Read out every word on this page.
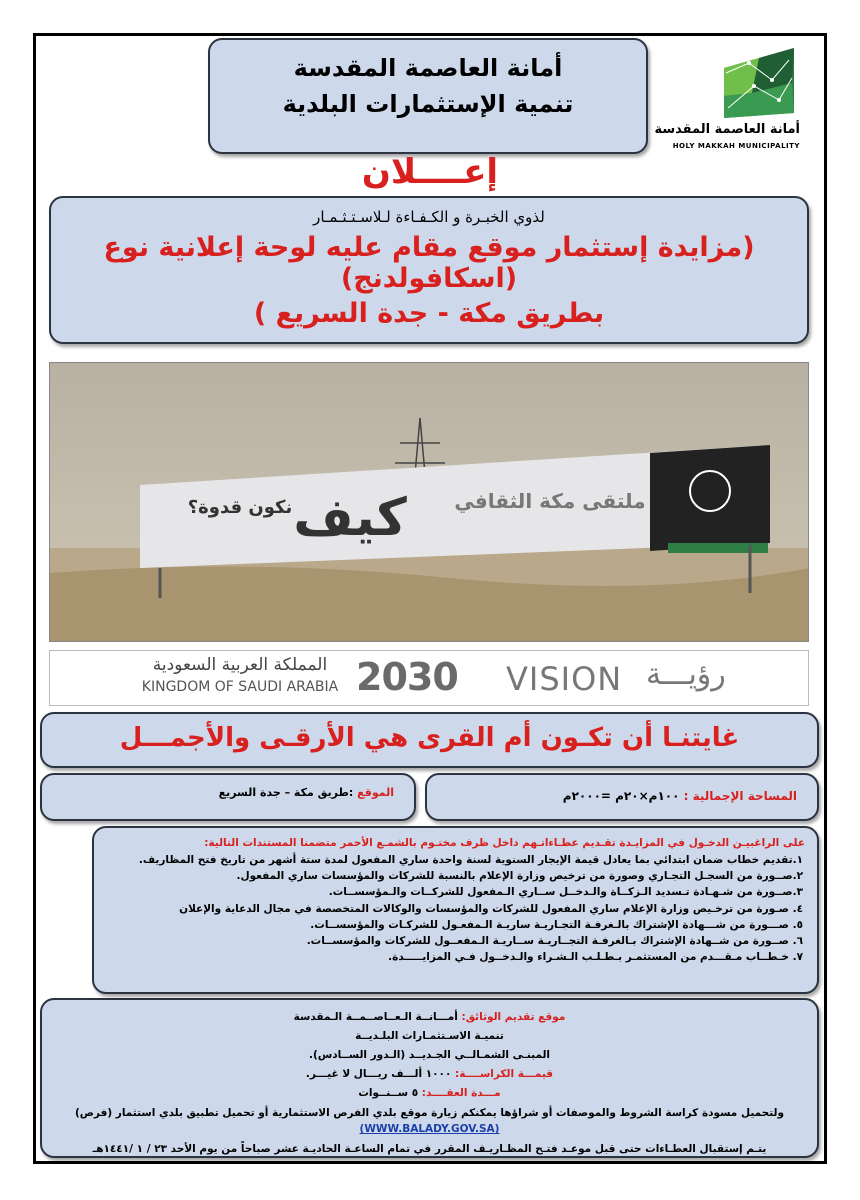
أمانة العاصمة المقدسة
HOLY MAKKAH MUNICIPALITY
أمانة العاصمة المقدسة
تنمية الإستثمارات البلدية
إعــــلان
لذوي الخبـرة و الكـفـاءة لـلاسـتـثـمـار
(مزايدة إستثمار موقع مقام عليه لوحة إعلانية نوع (اسكافولدنج)
بطريق مكة - جدة السريع )
كيف
نكون قدوة؟	ملتقى مكة الثقافي
المملكة العربية السعودية
KINGDOM OF SAUDI ARABIA 2030 VISION رؤيـــة
غايتنـا أن تكـون أم القرى هي الأرقـى والأجمـــل
المساحة الإجمالية : ١٠٠م×٢٠م =٢٠٠٠م
الموقع :طريق مكة – جدة السريع
على الراغبيـن الدخـول في المزايـدة تقـديم عطـاءاتـهم داخل ظرف مختـوم بالشمـع الأحمر متضمنا المستندات التالية:
١.تقديم خطاب ضمان ابتدائي بما يعادل قيمة الإيجار السنوية لسنة واحدة ساري المفعول لمدة ستة أشهر من تاريخ فتح المظاريف.
٢.صــورة من السجـل التجـاري وصورة من ترخيص وزارة الإعلام بالنسبة للشركات والمؤسسات ساري المفعول.
٣.صــورة من شـهـادة تـسديد الـزكــاة والـدخــل ســاري الـمفعول للشركــات والـمؤسســات.
٤. صـورة من ترخـيص وزارة الإعلام ساري المفعول للشركات والمؤسسات والوكالات المتخصصة في مجال الدعاية والإعلان
٥. صـــورة من شـــهادة الإشتراك بالـغرفـة التجـاريـة ساريـة الـمفعـول للشركـات والمؤسســات.
٦. صــورة من شــهادة الإشتراك بـالغرفـة التجــاريـة ســاريـة الـمفعــول للشركات والمؤسســات.
٧. خـطــاب مـقـــدم من المستثمـر بـطـلـب الـشـراء والـدخــول فـي المزايـــــدة.
موقع تقديم الوثائق: أمـــانــة الـعــاصــمــة الـمقدسة
تنميـة الاسـتثمـارات البلـديــة
المبنـى الشمـالــي الجـديــد (الـدور الســادس).
قيمـــة الكراســــة: ١٠٠٠ ألـــف ريـــال لا غيـــر.
مـــدة العقــــد: ٥ ســنــوات
ولتحميل مسودة كراسة الشروط والموصفات أو شراؤها يمكنكم زيارة موقع بلدي الفرص الاستثمارية أو تحميل تطبيق بلدي استثمار (فرص) (WWW.BALADY.GOV.SA)
يتـم إستقبال العطـاءات حتى قبل موعـد فتـح المظـاريـف المقرر في تمام الساعـة الحاديـة عشر صباحاً من يوم الأحد ٢٣ / ١ /١٤٤١هـ
